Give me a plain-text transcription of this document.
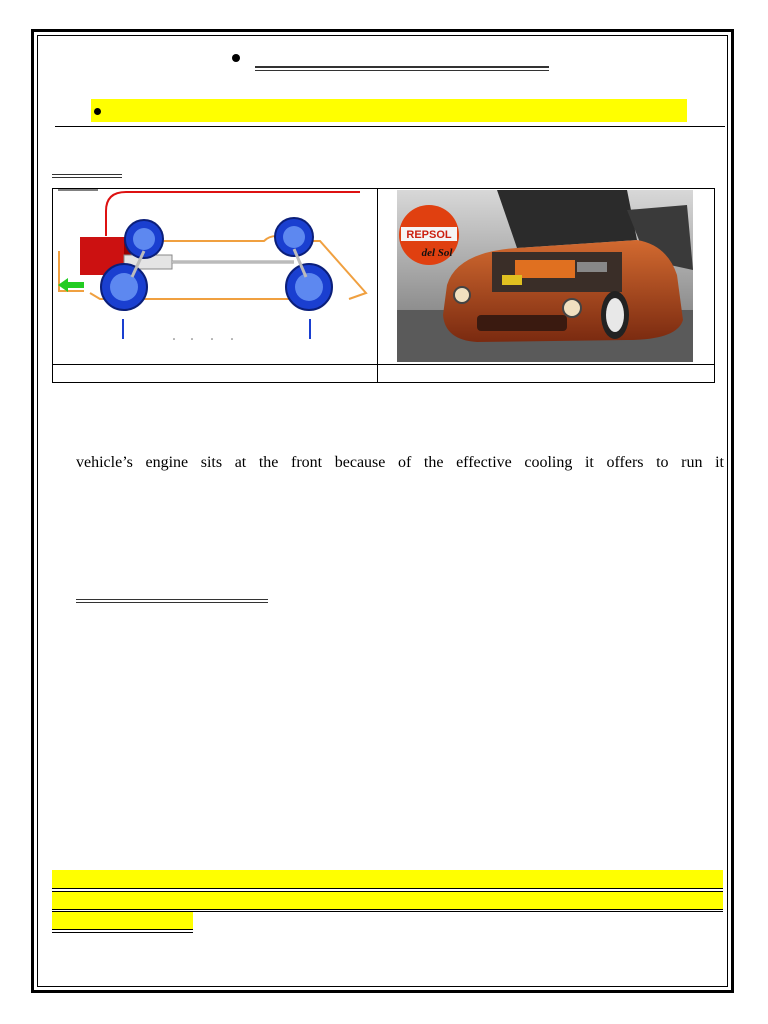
REPSOL
del Sol
vehicle’s engine sits at the front because of the effective cooling it offers to run it
